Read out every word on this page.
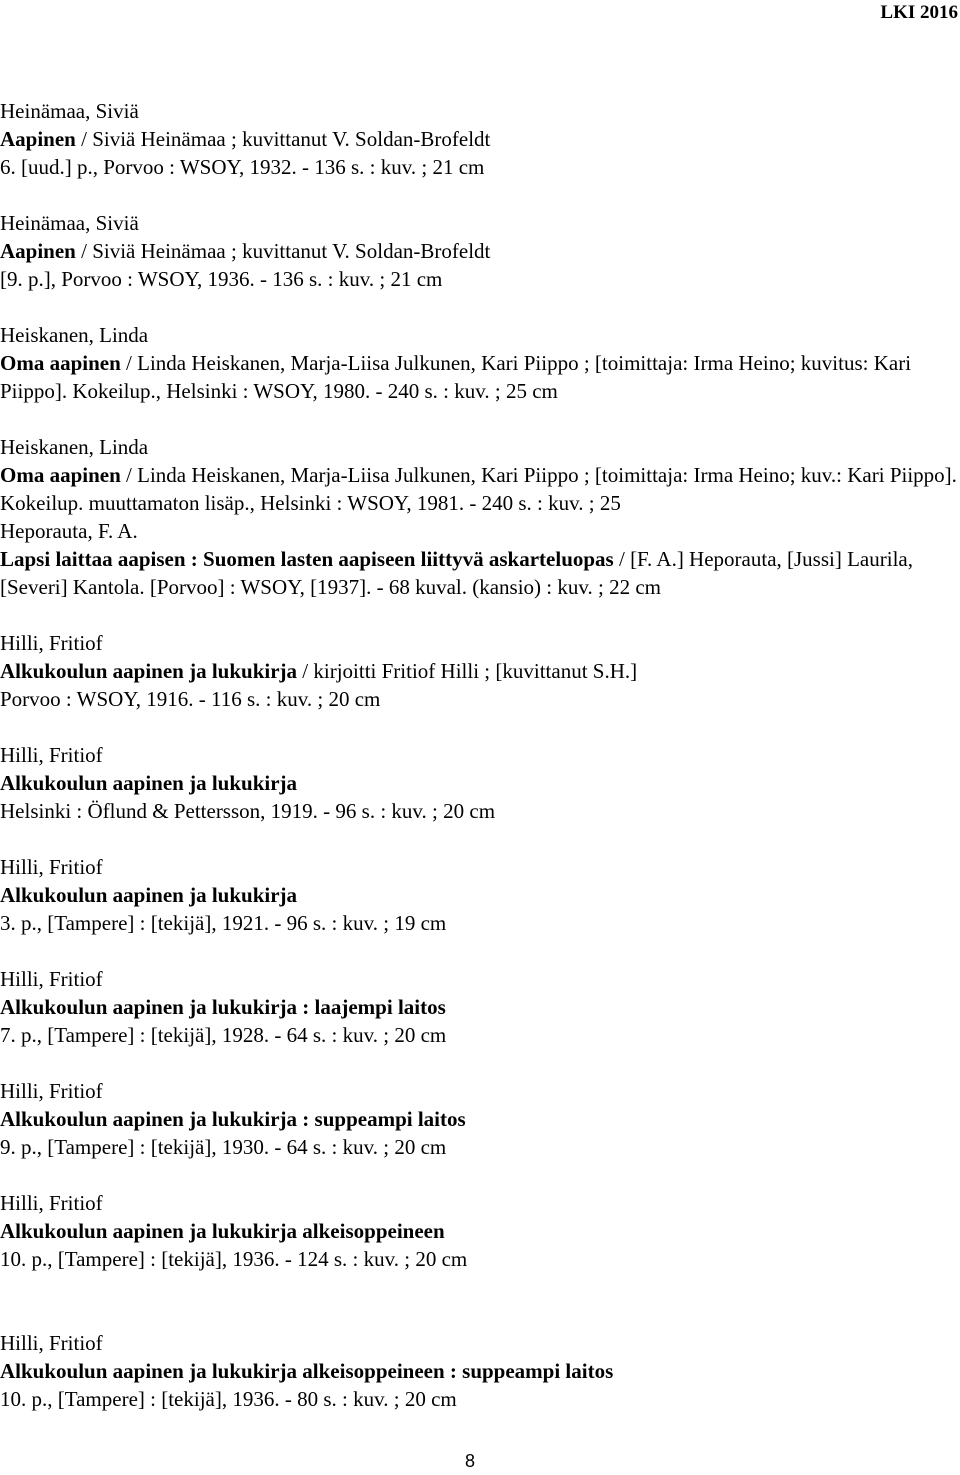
LKI 2016
Heinämaa, Siviä
Aapinen / Siviä Heinämaa ; kuvittanut V. Soldan-Brofeldt
6. [uud.] p., Porvoo : WSOY, 1932. - 136 s. : kuv. ; 21 cm
Heinämaa, Siviä
Aapinen / Siviä Heinämaa ; kuvittanut V. Soldan-Brofeldt
[9. p.], Porvoo : WSOY, 1936. - 136 s. : kuv. ; 21 cm
Heiskanen, Linda
Oma aapinen / Linda Heiskanen, Marja-Liisa Julkunen, Kari Piippo ; [toimittaja: Irma Heino; kuvitus: Kari Piippo]. Kokeilup., Helsinki : WSOY, 1980. - 240 s. : kuv. ; 25 cm
Heiskanen, Linda
Oma aapinen / Linda Heiskanen, Marja-Liisa Julkunen, Kari Piippo ; [toimittaja: Irma Heino; kuv.: Kari Piippo]. Kokeilup. muuttamaton lisäp., Helsinki : WSOY, 1981. - 240 s. : kuv. ; 25
Heporauta, F. A.
Lapsi laittaa aapisen : Suomen lasten aapiseen liittyvä askarteluopas / [F. A.] Heporauta, [Jussi] Laurila, [Severi] Kantola. [Porvoo] : WSOY, [1937]. - 68 kuval. (kansio) : kuv. ; 22 cm
Hilli, Fritiof
Alkukoulun aapinen ja lukukirja / kirjoitti Fritiof Hilli ; [kuvittanut S.H.]
Porvoo : WSOY, 1916. - 116 s. : kuv. ; 20 cm
Hilli, Fritiof
Alkukoulun aapinen ja lukukirja
Helsinki : Öflund & Pettersson, 1919. - 96 s. : kuv. ; 20 cm
Hilli, Fritiof
Alkukoulun aapinen ja lukukirja
3. p., [Tampere] : [tekijä], 1921. - 96 s. : kuv. ; 19 cm
Hilli, Fritiof
Alkukoulun aapinen ja lukukirja : laajempi laitos
7. p., [Tampere] : [tekijä], 1928. - 64 s. : kuv. ; 20 cm
Hilli, Fritiof
Alkukoulun aapinen ja lukukirja : suppeampi laitos
9. p., [Tampere] : [tekijä], 1930. - 64 s. : kuv. ; 20 cm
Hilli, Fritiof
Alkukoulun aapinen ja lukukirja alkeisoppeineen
10. p., [Tampere] : [tekijä], 1936. - 124 s. : kuv. ; 20 cm
Hilli, Fritiof
Alkukoulun aapinen ja lukukirja alkeisoppeineen : suppeampi laitos
10. p., [Tampere] : [tekijä], 1936. - 80 s. : kuv. ; 20 cm
8
